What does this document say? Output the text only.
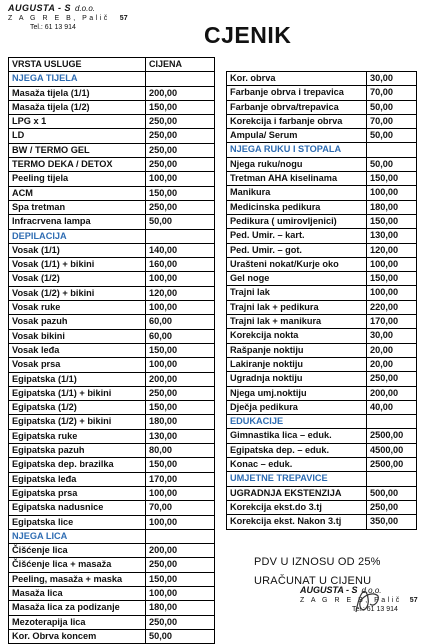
AUGUSTA - S d.o.o.
Z A G R E B, Palič 57
Tel.: 61 13 914	CJENIK
VRSTA USLUGE	CIJENA
NJEGA TIJELA	
Masaža tijela (1/1)	200,00
Masaža tijela (1/2)	150,00
LPG x 1	250,00
LD	250,00
BW / TERMO GEL	250,00
TERMO DEKA / DETOX	250,00
Peeling tijela	100,00
ACM	150,00
Spa tretman	250,00
Infracrvena lampa	50,00
DEPILACIJA	
Vosak (1/1)	140,00
Vosak (1/1) + bikini	160,00
Vosak (1/2)	100,00
Vosak (1/2) + bikini	120,00
Vosak ruke	100,00
Vosak pazuh	60,00
Vosak bikini	60,00
Vosak leđa	150,00
Vosak prsa	100,00
Egipatska (1/1)	200,00
Egipatska (1/1) + bikini	250,00
Egipatska (1/2)	150,00
Egipatska (1/2) + bikini	180,00
Egipatska ruke	130,00
Egipatska pazuh	80,00
Egipatska dep. brazilka	150,00
Egipatska leđa	170,00
Egipatska prsa	100,00
Egipatska nadusnice	70,00
Egipatska lice	100,00
NJEGA LICA	
Čišćenje lica	200,00
Čišćenje lica + masaža	250,00
Peeling, masaža + maska	150,00
Masaža lica	100,00
Masaža lica za podizanje	180,00
Mezoterapija lica	250,00
Kor. Obrva koncem	50,00
Kor. obrva	30,00
Farbanje obrva i trepavica	70,00
Farbanje obrva/trepavica	50,00
Korekcija i farbanje obrva	70,00
Ampula/ Serum	50,00
NJEGA RUKU I STOPALA	
Njega ruku/nogu	50,00
Tretman AHA kiselinama	150,00
Manikura	100,00
Medicinska pedikura	180,00
Pedikura ( umirovljenici)	150,00
Ped. Umir. – kart.	130,00
Ped. Umir. – got.	120,00
Urašteni nokat/Kurje oko	100,00
Gel noge	150,00
Trajni lak	100,00
Trajni lak + pedikura	220,00
Trajni lak + manikura	170,00
Korekcija nokta	30,00
Rašpanje noktiju	20,00
Lakiranje noktiju	20,00
Ugradnja noktiju	250,00
Njega umj.noktiju	200,00
Dječja pedikura	40,00
EDUKACIJE	
Gimnastika lica – eduk.	2500,00
Egipatska dep. – eduk.	4500,00
Konac – eduk.	2500,00
UMJETNE TREPAVICE	
UGRADNJA EKSTENZIJA	500,00
Korekcija ekst.do 3.tj	250,00
Korekcija ekst. Nakon 3.tj	350,00
PDV U IZNOSU OD 25%
URAČUNAT U CIJENU
AUGUSTA - S d.o.o.
Z A G R E B, Palič 57
Tel.: 61 13 914
